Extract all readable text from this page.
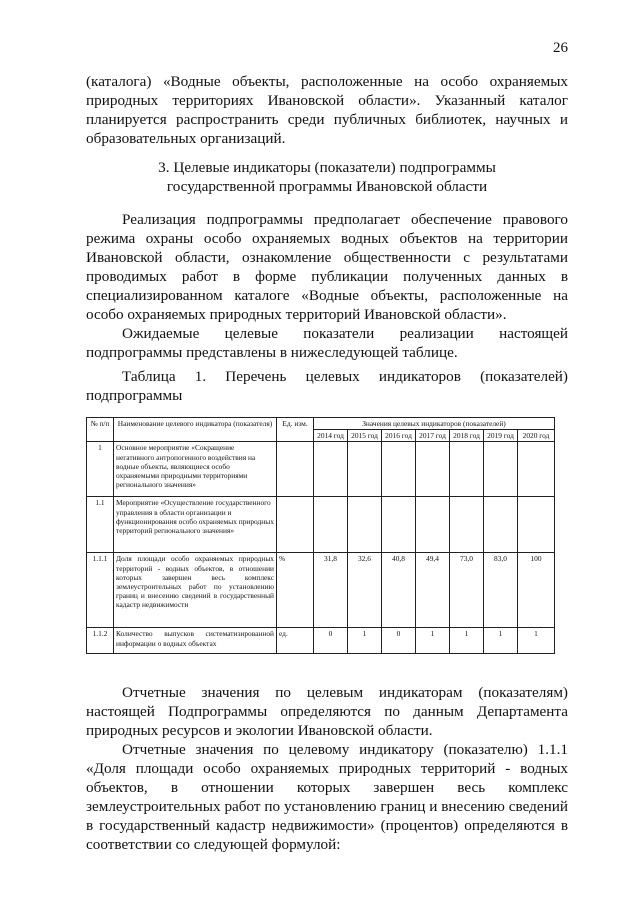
26

(каталога) «Водные объекты, расположенные на особо охраняемых природных территориях Ивановской области». Указанный каталог планируется распространить среди публичных библиотек, научных и образовательных организаций.

3. Целевые индикаторы (показатели) подпрограммы
государственной программы Ивановской области

Реализация подпрограммы предполагает обеспечение правового режима охраны особо охраняемых водных объектов на территории Ивановской области, ознакомление общественности с результатами проводимых работ в форме публикации полученных данных в специализированном каталоге «Водные объекты, расположенные на особо охраняемых природных территорий Ивановской области».

Ожидаемые целевые показатели реализации настоящей подпрограммы представлены в нижеследующей таблице.

Таблица 1. Перечень целевых индикаторов (показателей)
подпрограммы
№ п/п	Наименование целевого индикатора (показателя)	Ед. изм.	Значения целевых индикаторов (показателей)						
			2014 год	2015 год	2016 год	2017 год	2018 год	2019 год	2020 год
1	Основное мероприятие «Сокращение негативного антропогенного воздействия на водные объекты, являющиеся особо охраняемыми природными территориями регионального значения»								
1.1	Мероприятие «Осуществление государственного управления в области организации и функционирования особо охраняемых природных территорий регионального значения»								
1.1.1	Доля площади особо охраняемых природных территорий - водных объектов, в отношении которых завершен весь комплекс землеустроительных работ по установлению границ и внесению сведений в государственный кадастр недвижимости	%	31,8	32,6	40,8	49,4	73,0	83,0	100
1.1.2	Количество выпусков систематизированной информации о водных объектах	ед.	0	1	0	1	1	1	1

Отчетные значения по целевым индикаторам (показателям) настоящей Подпрограммы определяются по данным Департамента природных ресурсов и экологии Ивановской области.

Отчетные значения по целевому индикатору (показателю) 1.1.1 «Доля площади особо охраняемых природных территорий - водных объектов, в отношении которых завершен весь комплекс землеустроительных работ по установлению границ и внесению сведений в государственный кадастр недвижимости» (процентов) определяются в соответствии со следующей формулой:
